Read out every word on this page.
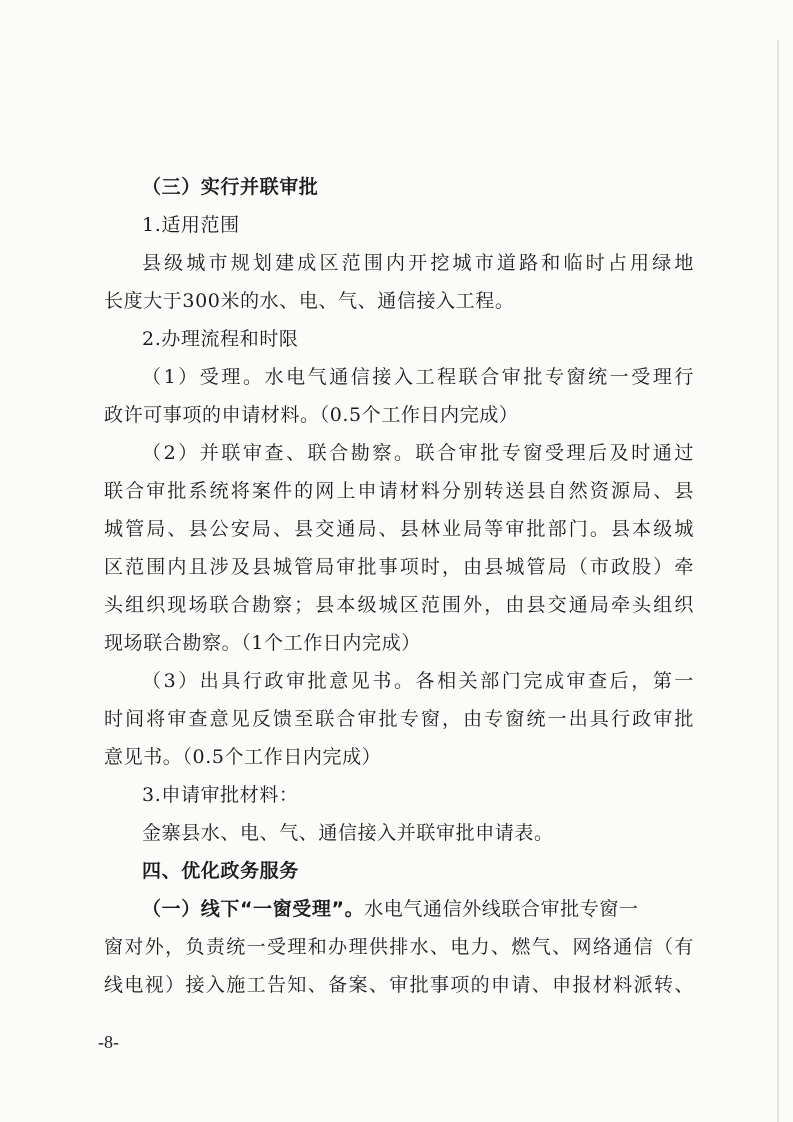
（三）实行并联审批
1.适用范围
县级城市规划建成区范围内开挖城市道路和临时占用绿地
长度大于300米的水、电、气、通信接入工程。
2.办理流程和时限
（1）受理。水电气通信接入工程联合审批专窗统一受理行
政许可事项的申请材料。（0.5个工作日内完成）
（2）并联审查、联合勘察。联合审批专窗受理后及时通过
联合审批系统将案件的网上申请材料分别转送县自然资源局、县
城管局、县公安局、县交通局、县林业局等审批部门。县本级城
区范围内且涉及县城管局审批事项时，由县城管局（市政股）牵
头组织现场联合勘察；县本级城区范围外，由县交通局牵头组织
现场联合勘察。（1个工作日内完成）
（3）出具行政审批意见书。各相关部门完成审查后，第一
时间将审查意见反馈至联合审批专窗，由专窗统一出具行政审批
意见书。（0.5个工作日内完成）
3.申请审批材料：
金寨县水、电、气、通信接入并联审批申请表。
四、优化政务服务
（一）线下“一窗受理”。水电气通信外线联合审批专窗一
窗对外，负责统一受理和办理供排水、电力、燃气、网络通信（有
线电视）接入施工告知、备案、审批事项的申请、申报材料派转、
-8-
